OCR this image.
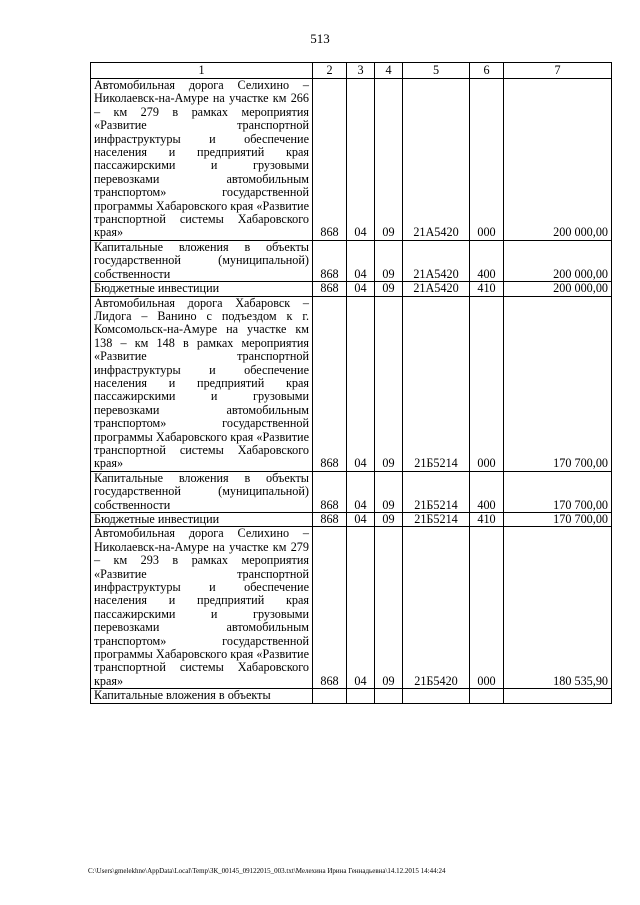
513
1	2	3	4	5	6	7
Автомобильная дорога Селихино – Николаевск-на-Амуре на участке км 266 – км 279 в рамках мероприятия «Развитие транспортной инфраструктуры и обеспечение населения и предприятий края пассажирскими и грузовыми перевозками автомобильным транспортом» государственной программы Хабаровского края «Развитие транспортной системы Хабаровского края»	868	04	09	21А5420	000	200 000,00
Капитальные вложения в объекты государственной (муниципальной) собственности	868	04	09	21А5420	400	200 000,00
Бюджетные инвестиции	868	04	09	21А5420	410	200 000,00
Автомобильная дорога Хабаровск – Лидога – Ванино с подъездом к г. Комсомольск-на-Амуре на участке км 138 – км 148 в рамках мероприятия «Развитие транспортной инфраструктуры и обеспечение населения и предприятий края пассажирскими и грузовыми перевозками автомобильным транспортом» государственной программы Хабаровского края «Развитие транспортной системы Хабаровского края»	868	04	09	21Б5214	000	170 700,00
Капитальные вложения в объекты государственной (муниципальной) собственности	868	04	09	21Б5214	400	170 700,00
Бюджетные инвестиции	868	04	09	21Б5214	410	170 700,00
Автомобильная дорога Селихино – Николаевск-на-Амуре на участке км 279 – км 293 в рамках мероприятия «Развитие транспортной инфраструктуры и обеспечение населения и предприятий края пассажирскими и грузовыми перевозками автомобильным транспортом» государственной программы Хабаровского края «Развитие транспортной системы Хабаровского края»	868	04	09	21Б5420	000	180 535,90
Капитальные вложения в объекты						
C:\Users\gmelekhne\AppData\Local\Temp\ЗК_00145_09122015_003.txt\Мелехина Ирина Геннадьевна\14.12.2015 14:44:24
